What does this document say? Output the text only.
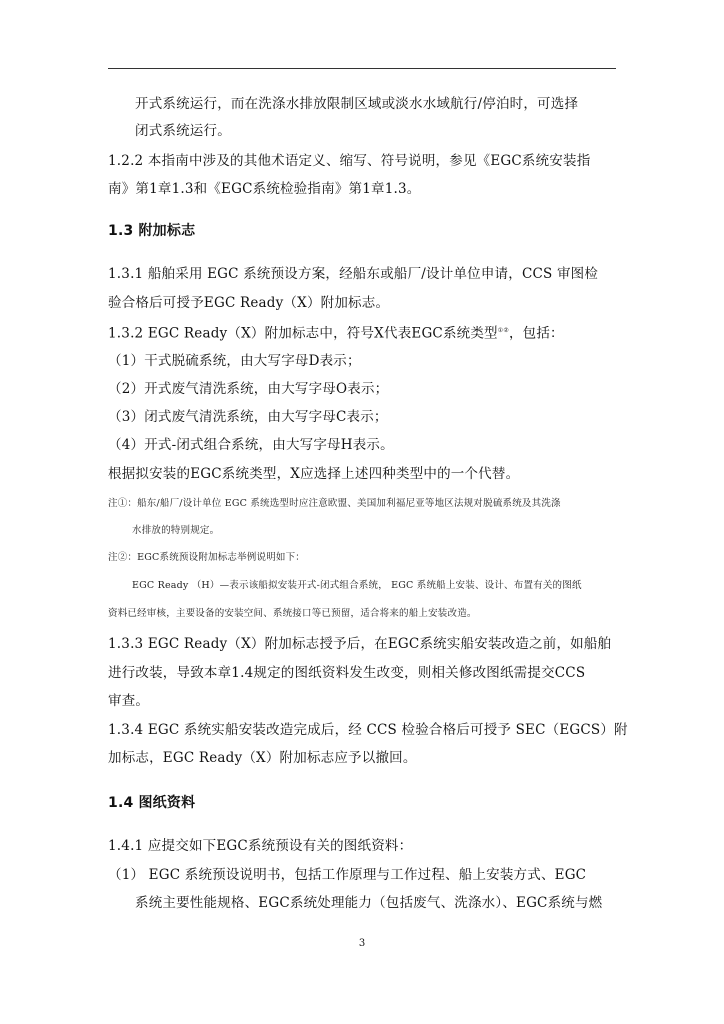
开式系统运行，而在洗涤水排放限制区域或淡水水域航行/停泊时，可选择
闭式系统运行。
1.2.2 本指南中涉及的其他术语定义、缩写、符号说明，参见《EGC系统安装指
南》第1章1.3和《EGC系统检验指南》第1章1.3。
1.3 附加标志
1.3.1 船舶采用 EGC 系统预设方案，经船东或船厂/设计单位申请，CCS 审图检
验合格后可授予EGC Ready（X）附加标志。
1.3.2 EGC Ready（X）附加标志中，符号X代表EGC系统类型①②，包括：
（1）干式脱硫系统，由大写字母D表示；
（2）开式废气清洗系统，由大写字母O表示；
（3）闭式废气清洗系统，由大写字母C表示；
（4）开式-闭式组合系统，由大写字母H表示。
根据拟安装的EGC系统类型，X应选择上述四种类型中的一个代替。
注①：船东/船厂/设计单位 EGC 系统选型时应注意欧盟、美国加利福尼亚等地区法规对脱硫系统及其洗涤
水排放的特别规定。
注②：EGC系统预设附加标志举例说明如下：
EGC Ready （H）—表示该船拟安装开式-闭式组合系统， EGC 系统船上安装、设计、布置有关的图纸
资料已经审核，主要设备的安装空间、系统接口等已预留，适合将来的船上安装改造。
1.3.3 EGC Ready（X）附加标志授予后，在EGC系统实船安装改造之前，如船舶
进行改装，导致本章1.4规定的图纸资料发生改变，则相关修改图纸需提交CCS
审查。
1.3.4 EGC 系统实船安装改造完成后，经 CCS 检验合格后可授予 SEC（EGCS）附
加标志，EGC Ready（X）附加标志应予以撤回。
1.4 图纸资料
1.4.1 应提交如下EGC系统预设有关的图纸资料：
（1） EGC 系统预设说明书，包括工作原理与工作过程、船上安装方式、EGC
系统主要性能规格、EGC系统处理能力（包括废气、洗涤水）、EGC系统与燃
3
